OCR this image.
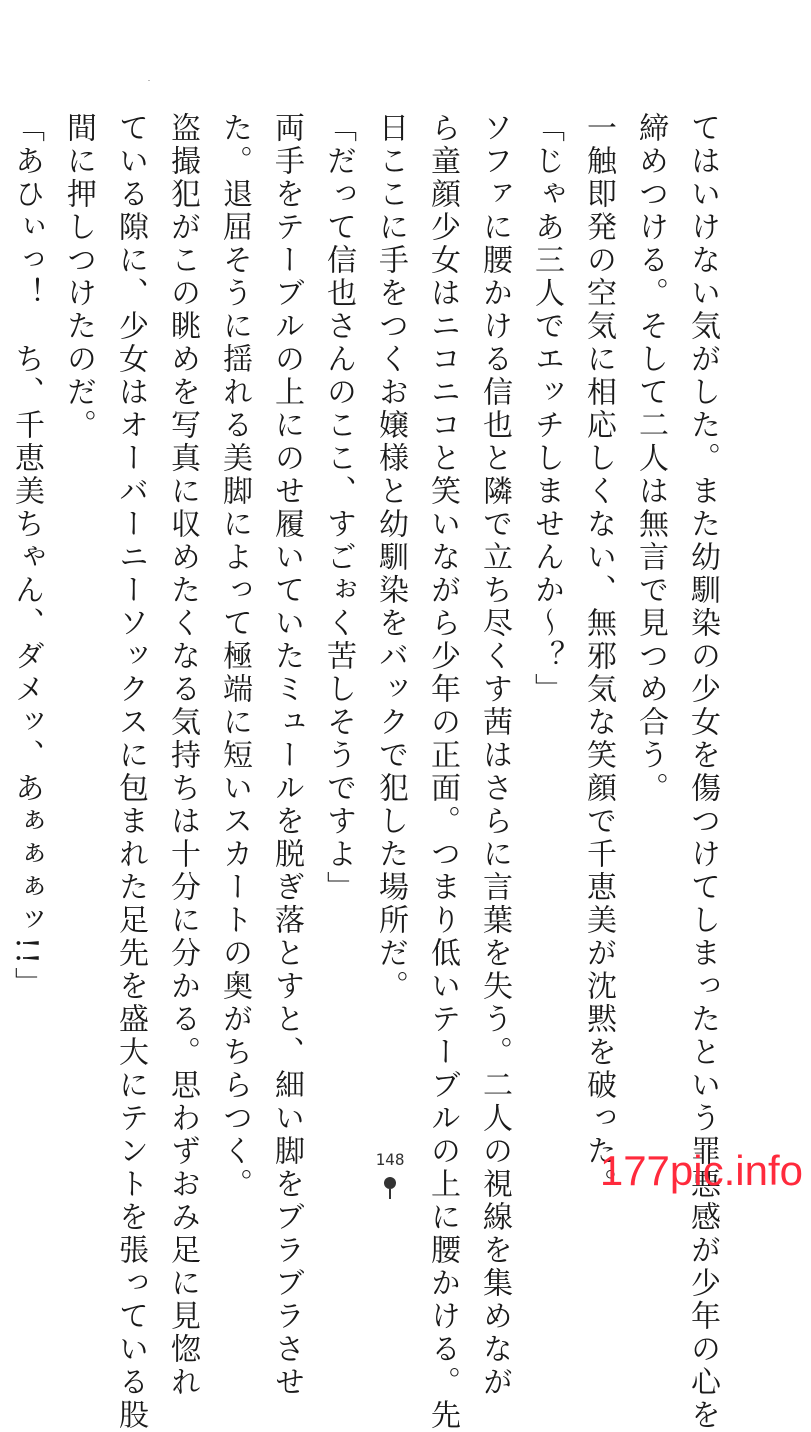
てはいけない気がした。また幼馴染の少女を傷つけてしまったという罪悪感が少年の心を
締めつける。そして二人は無言で見つめ合う。
一触即発の空気に相応しくない、無邪気な笑顔で千恵美が沈黙を破った。
「じゃあ三人でエッチしませんか～？」
ソファに腰かける信也と隣で立ち尽くす茜はさらに言葉を失う。二人の視線を集めなが
ら童顔少女はニコニコと笑いながら少年の正面。つまり低いテーブルの上に腰かける。先
日ここに手をつくお嬢様と幼馴染をバックで犯した場所だ。
「だって信也さんのここ、すごぉく苦しそうですよ」
両手をテーブルの上にのせ履いていたミュールを脱ぎ落とすと、細い脚をブラブラさせ
た。退屈そうに揺れる美脚によって極端に短いスカートの奥がちらつく。
盗撮犯がこの眺めを写真に収めたくなる気持ちは十分に分かる。思わずおみ足に見惚れ
ている隙に、少女はオーバーニーソックスに包まれた足先を盛大にテントを張っている股
間に押しつけたのだ。
「あひぃっ！　ち、千恵美ちゃん、ダメッ、あぁぁぁッ!!」
148	177pic.info
